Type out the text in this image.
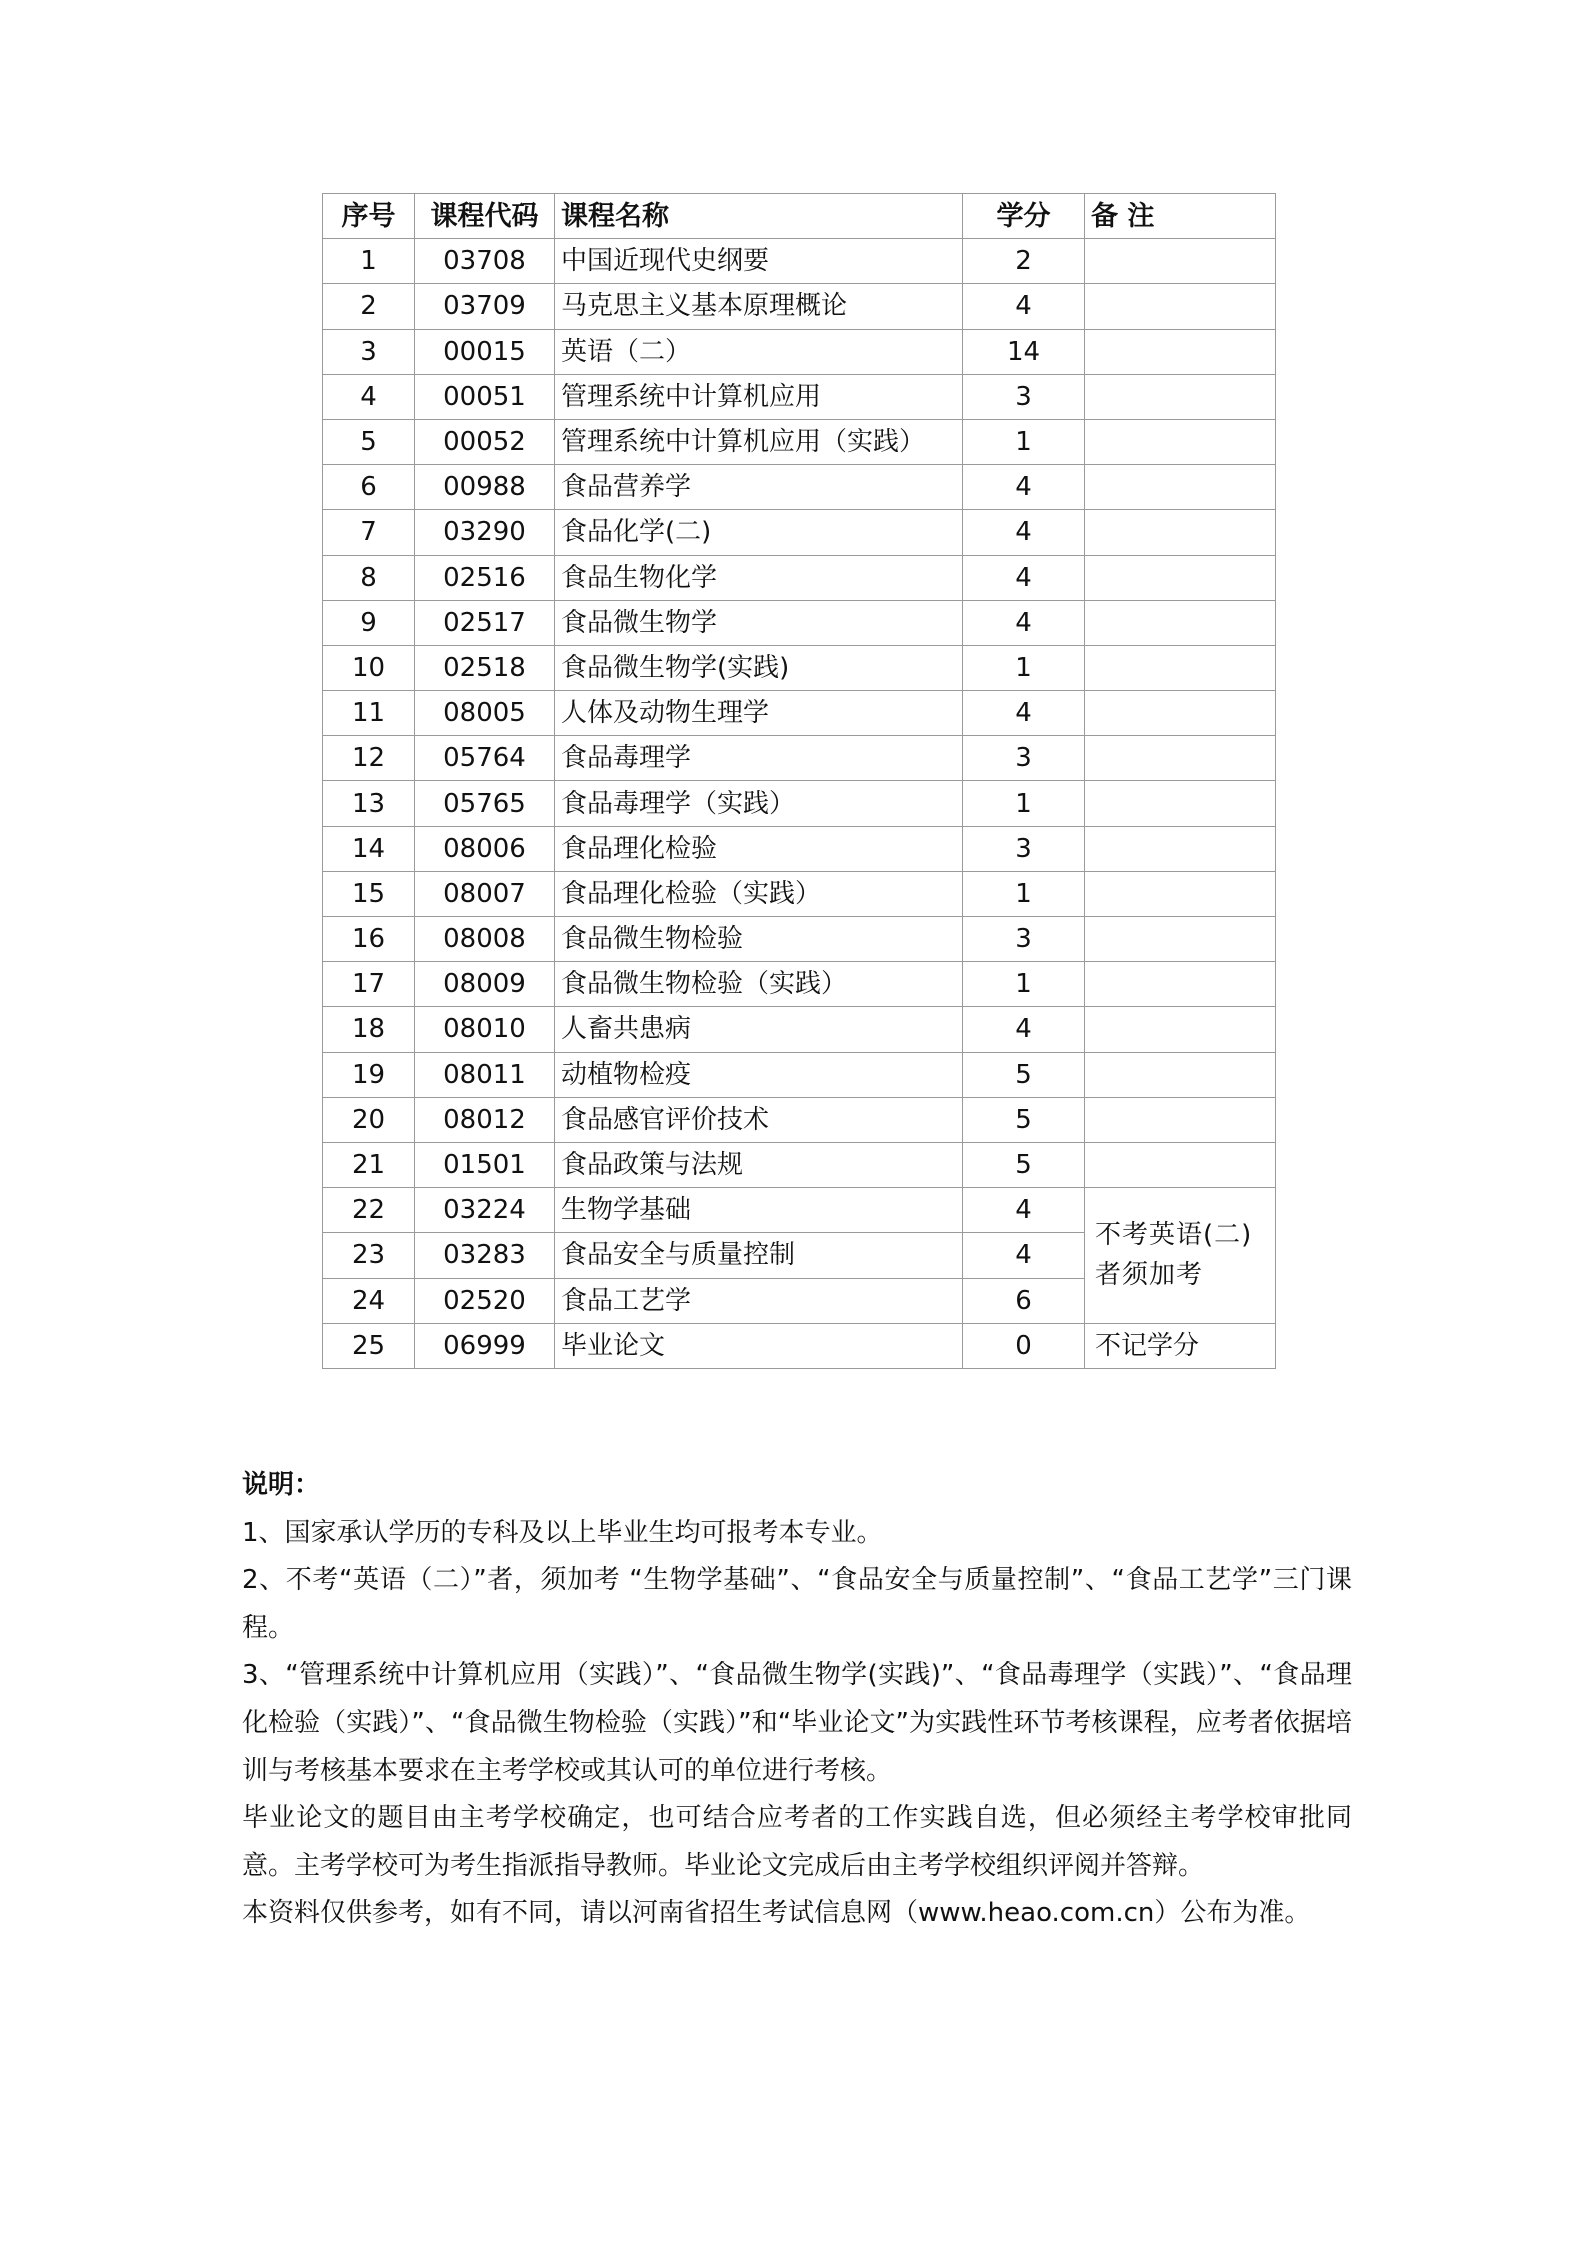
序号	课程代码	课程名称	学分	备 注
1	03708	中国近现代史纲要	2	
2	03709	马克思主义基本原理概论	4	
3	00015	英语（二）	14	
4	00051	管理系统中计算机应用	3	
5	00052	管理系统中计算机应用（实践）	1	
6	00988	食品营养学	4	
7	03290	食品化学(二)	4	
8	02516	食品生物化学	4	
9	02517	食品微生物学	4	
10	02518	食品微生物学(实践)	1	
11	08005	人体及动物生理学	4	
12	05764	食品毒理学	3	
13	05765	食品毒理学（实践）	1	
14	08006	食品理化检验	3	
15	08007	食品理化检验（实践）	1	
16	08008	食品微生物检验	3	
17	08009	食品微生物检验（实践）	1	
18	08010	人畜共患病	4	
19	08011	动植物检疫	5	
20	08012	食品感官评价技术	5	
21	01501	食品政策与法规	5	
22	03224	生物学基础	4	不考英语(二)者须加考
23	03283	食品安全与质量控制	4	
24	02520	食品工艺学	6	
25	06999	毕业论文	0	不记学分

说明：

1、国家承认学历的专科及以上毕业生均可报考本专业。

2、不考“英语（二）”者，须加考 “生物学基础”、“食品安全与质量控制”、“食品工艺学”三门课程。

3、“管理系统中计算机应用（实践）”、“食品微生物学(实践)”、“食品毒理学（实践）”、“食品理化检验（实践）”、“食品微生物检验（实践）”和“毕业论文”为实践性环节考核课程，应考者依据培训与考核基本要求在主考学校或其认可的单位进行考核。

毕业论文的题目由主考学校确定，也可结合应考者的工作实践自选，但必须经主考学校审批同意。主考学校可为考生指派指导教师。毕业论文完成后由主考学校组织评阅并答辩。

本资料仅供参考，如有不同，请以河南省招生考试信息网（www.heao.com.cn）公布为准。
